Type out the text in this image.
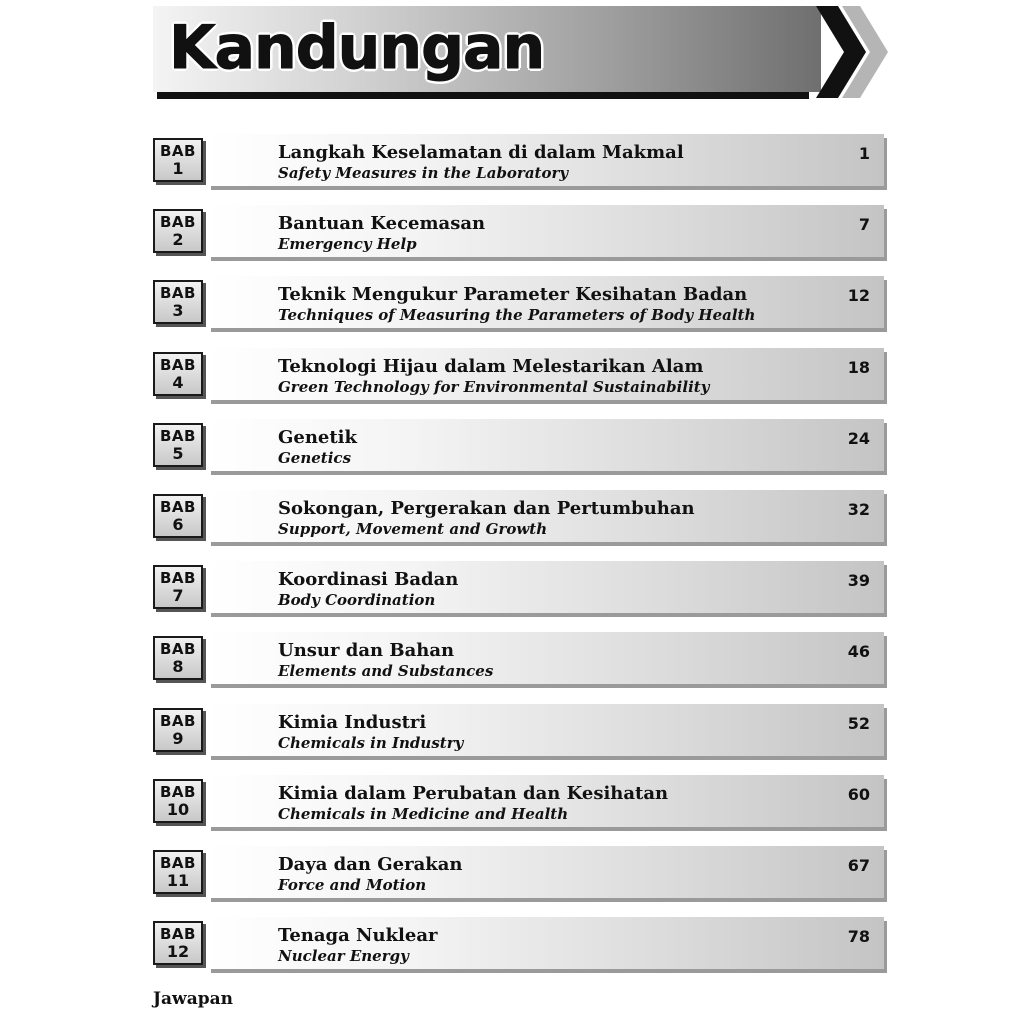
Kandungan
Langkah Keselamatan di dalam Makmal
Safety Measures in the Laboratory
1
BAB
1
Bantuan Kecemasan
Emergency Help
7
BAB
2
Teknik Mengukur Parameter Kesihatan Badan
Techniques of Measuring the Parameters of Body Health
12
BAB
3
Teknologi Hijau dalam Melestarikan Alam
Green Technology for Environmental Sustainability
18
BAB
4
Genetik
Genetics
24
BAB
5
Sokongan, Pergerakan dan Pertumbuhan
Support, Movement and Growth
32
BAB
6
Koordinasi Badan
Body Coordination
39
BAB
7
Unsur dan Bahan
Elements and Substances
46
BAB
8
Kimia Industri
Chemicals in Industry
52
BAB
9
Kimia dalam Perubatan dan Kesihatan
Chemicals in Medicine and Health
60
BAB
10
Daya dan Gerakan
Force and Motion
67
BAB
11
Tenaga Nuklear
Nuclear Energy
78
BAB
12
Jawapan
